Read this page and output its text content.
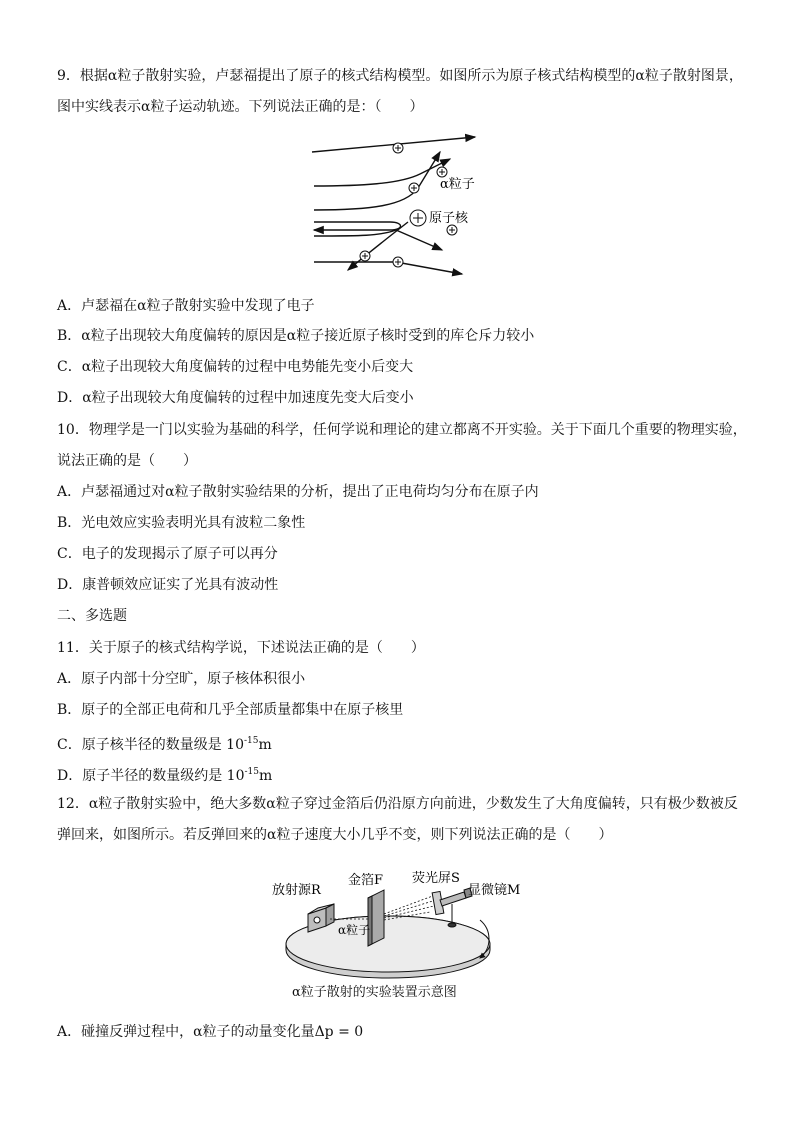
9．根据α粒子散射实验，卢瑟福提出了原子的核式结构模型。如图所示为原子核式结构模型的α粒子散射图景，
图中实线表示α粒子运动轨迹。下列说法正确的是：（　　）
α粒子
原子核
A．卢瑟福在α粒子散射实验中发现了电子
B．α粒子出现较大角度偏转的原因是α粒子接近原子核时受到的库仑斥力较小
C．α粒子出现较大角度偏转的过程中电势能先变小后变大
D．α粒子出现较大角度偏转的过程中加速度先变大后变小
10．物理学是一门以实验为基础的科学，任何学说和理论的建立都离不开实验。关于下面几个重要的物理实验，
说法正确的是（　　）
A．卢瑟福通过对α粒子散射实验结果的分析，提出了正电荷均匀分布在原子内
B．光电效应实验表明光具有波粒二象性
C．电子的发现揭示了原子可以再分
D．康普顿效应证实了光具有波动性
二、多选题
11．关于原子的核式结构学说，下述说法正确的是（　　）
A．原子内部十分空旷，原子核体积很小
B．原子的全部正电荷和几乎全部质量都集中在原子核里
C．原子核半径的数量级是 $10^{-15}m$
D．原子半径的数量级约是 $10^{-15}m$
12．α粒子散射实验中，绝大多数α粒子穿过金箔后仍沿原方向前进，少数发生了大角度偏转，只有极少数被反
弹回来，如图所示。若反弹回来的α粒子速度大小几乎不变，则下列说法正确的是（　　）
放射源R
金箔F 荧光屏S
显微镜M
α粒子
α粒子散射的实验装置示意图
A．碰撞反弹过程中，α粒子的动量变化量Δp = 0
